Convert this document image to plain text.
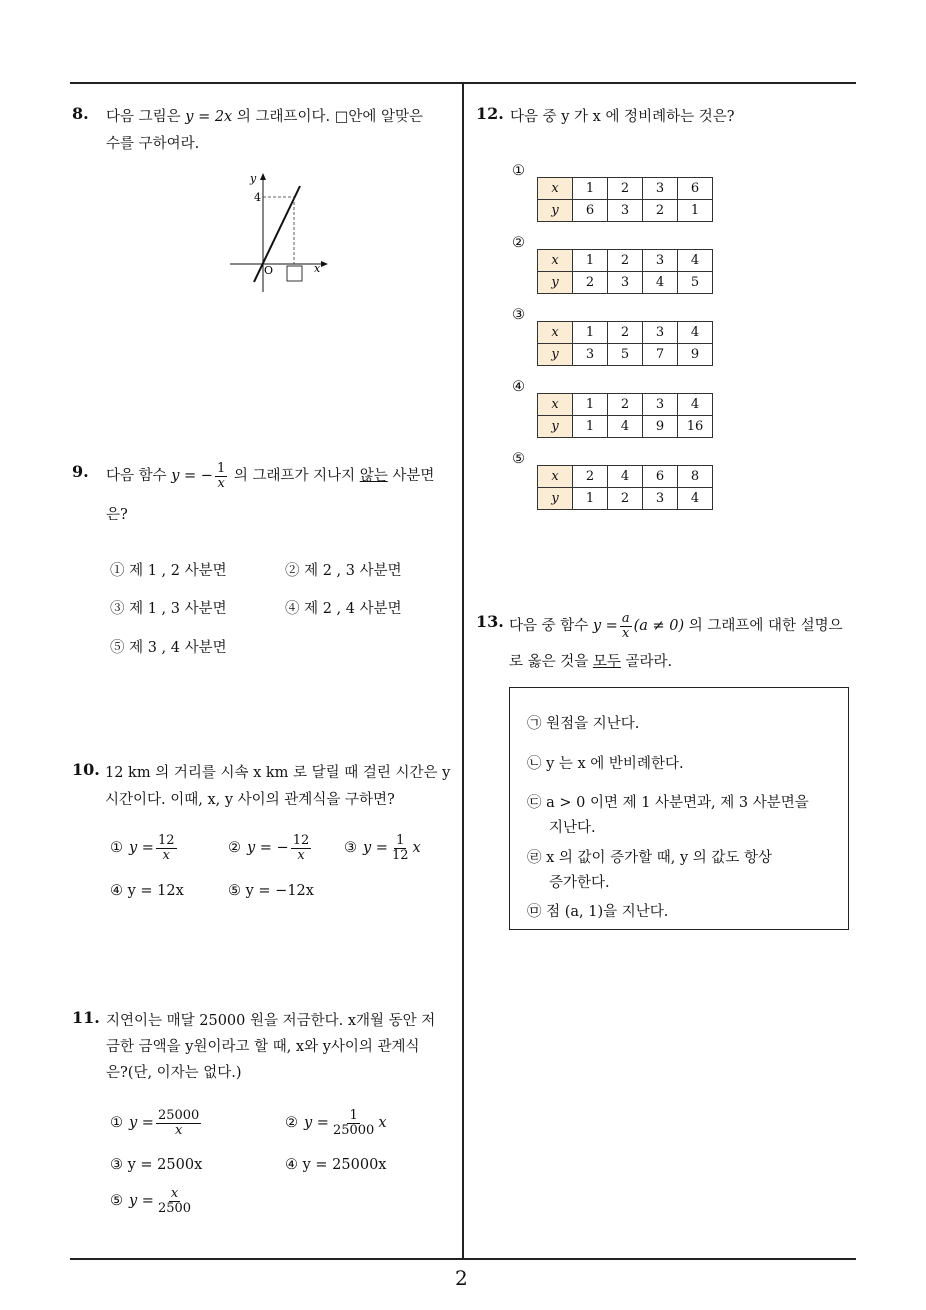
2
8. 다음 그림은 y = 2x 의 그래프이다. □안에 알맞은
수를 구하여라.
y
x
O
4
9. 다음 함수 y = − $\frac{1}{x}$ 의 그래프가 지나지 않는 사분면
은?
① 제 1 , 2 사분면	② 제 2 , 3 사분면
③ 제 1 , 3 사분면	④ 제 2 , 4 사분면
⑤ 제 3 , 4 사분면
10. 12 km 의 거리를 시속 x km 로 달릴 때 걸린 시간은 y
시간이다. 이때, x, y 사이의 관계식을 구하면?
① $y = \frac{12}{x}$	② y = − $\frac{12}{x}$ ③ $y = \frac{1}{12}$ x
④ y = 12x	⑤ y = −12x
11. 지연이는 매달 25000 원을 저금한다. x개월 동안 저
금한 금액을 y원이라고 할 때, x와 y사이의 관계식
은?(단, 이자는 없다.)
① $y = \frac{25000}{x}$	② $y = \frac{1}{25000}$ x
③ y = 2500x	④ y = 25000x
⑤ $y = \frac{x}{2500}$
12. 다음 중 y 가 x 에 정비례하는 것은?
①
x	1	2	3	6
y	6	3	2	1
②
x	1	2	3	4
y	2	3	4	5
③
x	1	2	3	4
y	3	5	7	9
④
x	1	2	3	4
y	1	4	9	16
⑤
x	2	4	6	8
y	1	2	3	4
13. 다음 중 함수 $y = \frac{a}{x} (a \ne 0)$ 의 그래프에 대한 설명으
로 옳은 것을 모두 골라라.
㉠ 원점을 지난다.
㉡ y 는 x 에 반비례한다.
㉢ a > 0 이면 제 1 사분면과, 제 3 사분면을
지난다.
㉣ x 의 값이 증가할 때, y 의 값도 항상
증가한다.
㉤ 점 (a, 1)을 지난다.
